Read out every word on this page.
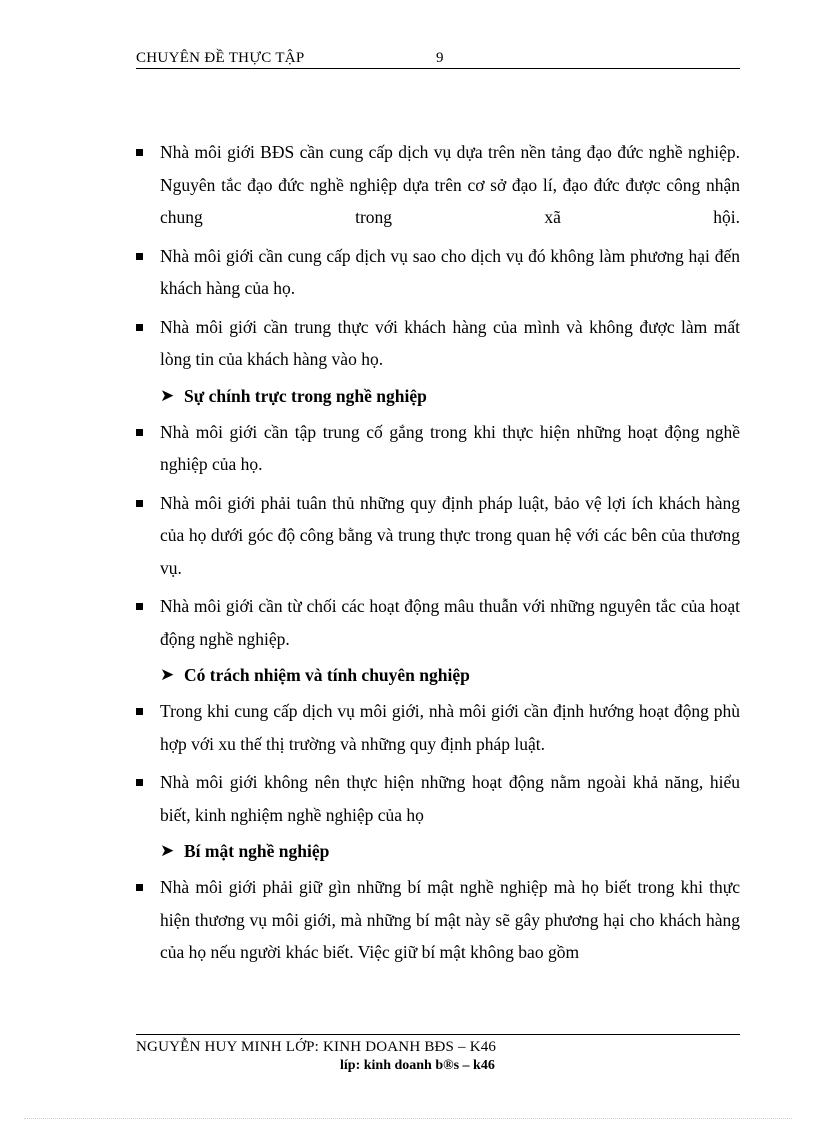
CHUYÊN ĐỀ THỰC TẬP	9
Nhà môi giới BĐS cần cung cấp dịch vụ dựa trên nền tảng đạo đức nghề nghiệp. Nguyên tắc đạo đức nghề nghiệp dựa trên cơ sở đạo lí, đạo đức được công nhận chung trong xã hội.
Nhà môi giới cần cung cấp dịch vụ sao cho dịch vụ đó không làm phương hại đến khách hàng của họ.
Nhà môi giới cần trung thực với khách hàng của mình và không được làm mất lòng tin của khách hàng vào họ.
➤ Sự chính trực trong nghề nghiệp
Nhà môi giới cần tập trung cố gắng trong khi thực hiện những hoạt động nghề nghiệp của họ.
Nhà môi giới phải tuân thủ những quy định pháp luật, bảo vệ lợi ích khách hàng của họ dưới góc độ công bằng và trung thực trong quan hệ với các bên của thương vụ.
Nhà môi giới cần từ chối các hoạt động mâu thuẫn với những nguyên tắc của hoạt động nghề nghiệp.
➤ Có trách nhiệm và tính chuyên nghiệp
Trong khi cung cấp dịch vụ môi giới, nhà môi giới cần định hướng hoạt động phù hợp với xu thế thị trường và những quy định pháp luật.
Nhà môi giới không nên thực hiện những hoạt động nằm ngoài khả năng, hiểu biết, kinh nghiệm nghề nghiệp của họ
➤ Bí mật nghề nghiệp
Nhà môi giới phải giữ gìn những bí mật nghề nghiệp mà họ biết trong khi thực hiện thương vụ môi giới, mà những bí mật này sẽ gây phương hại cho khách hàng của họ nếu người khác biết. Việc giữ bí mật không bao gồm
NGUYỄN HUY MINH LỚP: KINH DOANH BĐS – K46
líp: kinh doanh b®s – k46
